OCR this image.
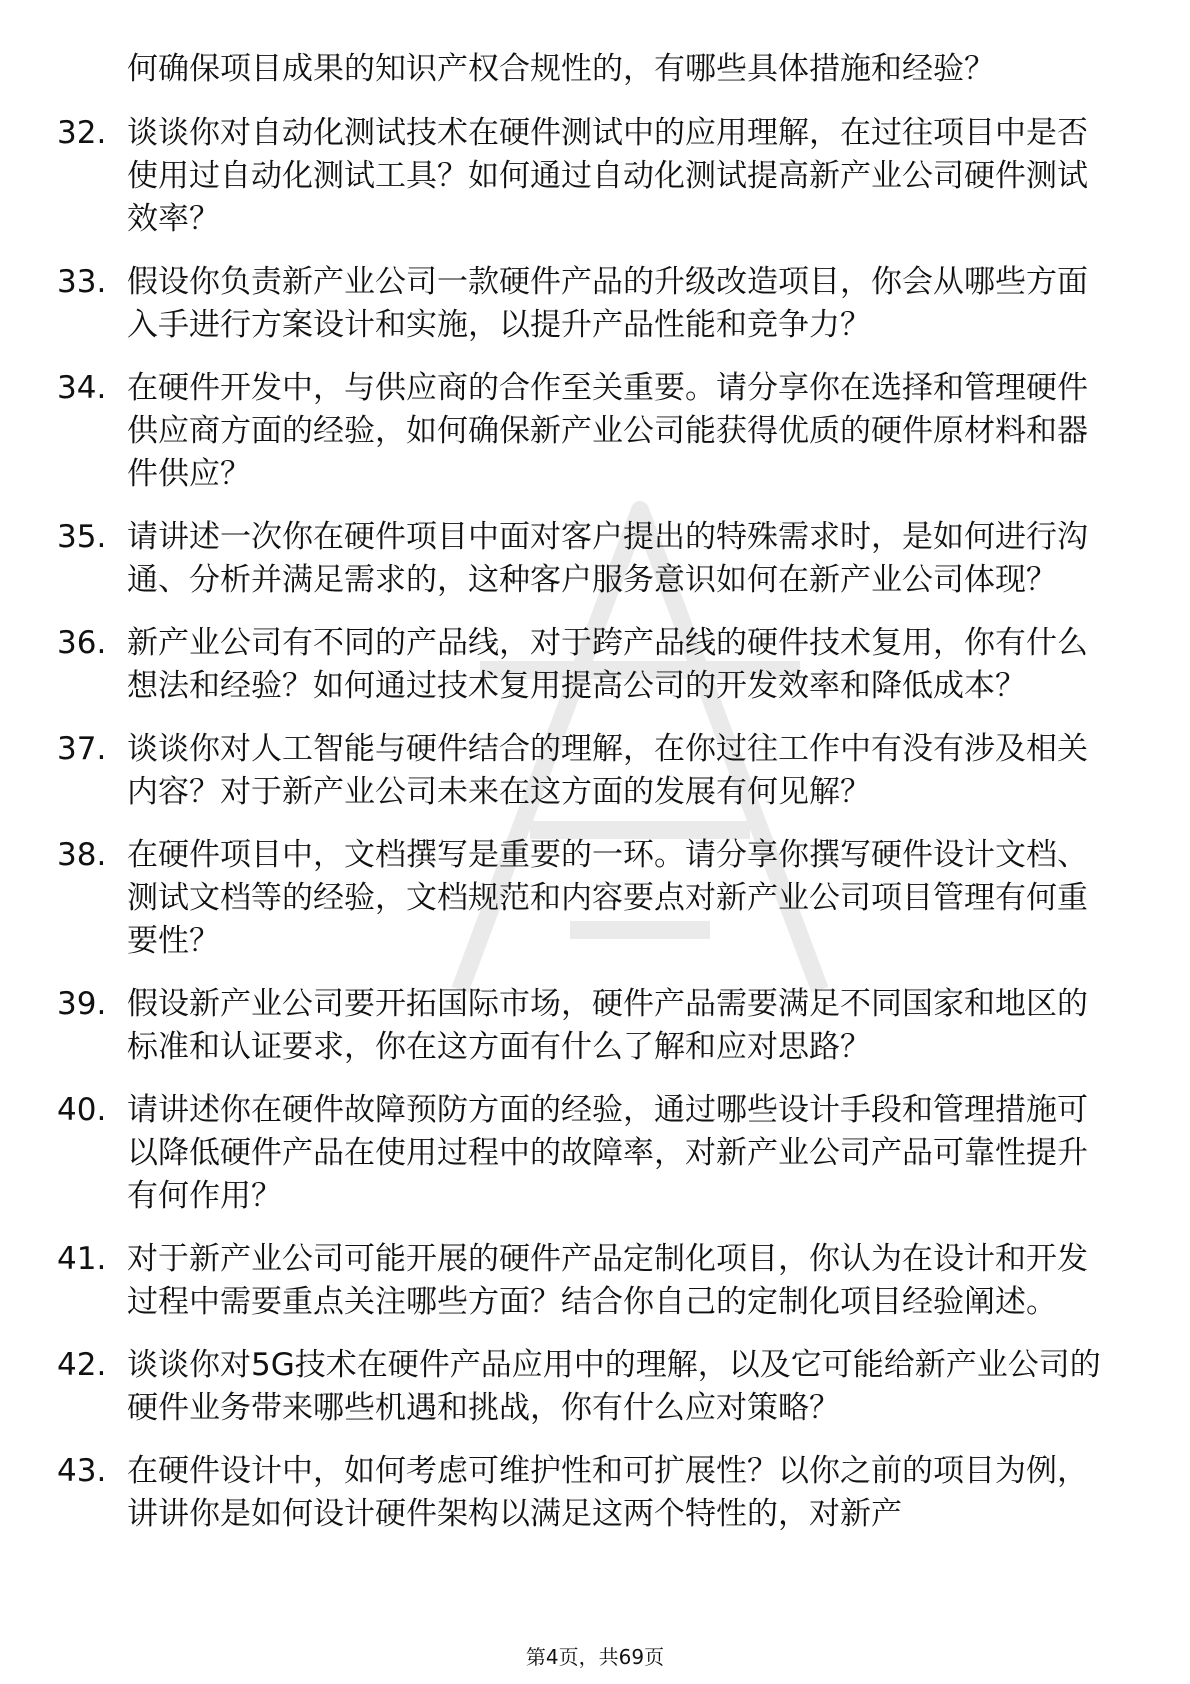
何确保项目成果的知识产权合规性的，有哪些具体措施和经验？
32. 谈谈你对自动化测试技术在硬件测试中的应用理解，在过往项目中是否使用过自动化测试工具？如何通过自动化测试提高新产业公司硬件测试效率？
33. 假设你负责新产业公司一款硬件产品的升级改造项目，你会从哪些方面入手进行方案设计和实施，以提升产品性能和竞争力？
34. 在硬件开发中，与供应商的合作至关重要。请分享你在选择和管理硬件供应商方面的经验，如何确保新产业公司能获得优质的硬件原材料和器件供应？
35. 请讲述一次你在硬件项目中面对客户提出的特殊需求时，是如何进行沟通、分析并满足需求的，这种客户服务意识如何在新产业公司体现？
36. 新产业公司有不同的产品线，对于跨产品线的硬件技术复用，你有什么想法和经验？如何通过技术复用提高公司的开发效率和降低成本？
37. 谈谈你对人工智能与硬件结合的理解，在你过往工作中有没有涉及相关内容？对于新产业公司未来在这方面的发展有何见解？
38. 在硬件项目中，文档撰写是重要的一环。请分享你撰写硬件设计文档、测试文档等的经验，文档规范和内容要点对新产业公司项目管理有何重要性？
39. 假设新产业公司要开拓国际市场，硬件产品需要满足不同国家和地区的标准和认证要求，你在这方面有什么了解和应对思路？
40. 请讲述你在硬件故障预防方面的经验，通过哪些设计手段和管理措施可以降低硬件产品在使用过程中的故障率，对新产业公司产品可靠性提升有何作用？
41. 对于新产业公司可能开展的硬件产品定制化项目，你认为在设计和开发过程中需要重点关注哪些方面？结合你自己的定制化项目经验阐述。
42. 谈谈你对5G技术在硬件产品应用中的理解，以及它可能给新产业公司的硬件业务带来哪些机遇和挑战，你有什么应对策略？
43. 在硬件设计中，如何考虑可维护性和可扩展性？以你之前的项目为例，讲讲你是如何设计硬件架构以满足这两个特性的，对新产
第4页，共69页
